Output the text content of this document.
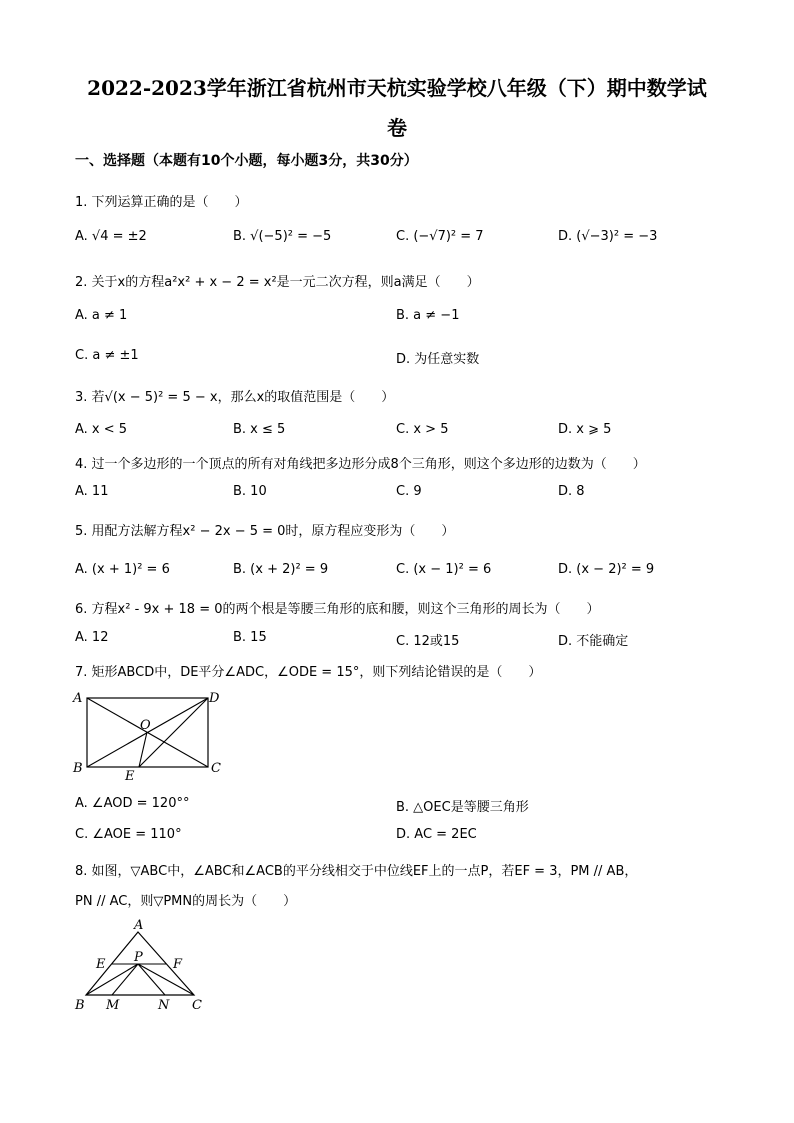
2022-2023学年浙江省杭州市天杭实验学校八年级（下）期中数学试
卷
一、选择题（本题有10个小题，每小题3分，共30分）
1. 下列运算正确的是（　　）
A. √4 = ±2	B. √(−5)² = −5	C. (−√7)² = 7	D. (√−3)² = −3
2. 关于x的方程a²x² + x − 2 = x²是一元二次方程，则a满足（　　）
A. a ≠ 1	B. a ≠ −1
C. a ≠ ±1	D. 为任意实数
3. 若√(x − 5)² = 5 − x，那么x的取值范围是（　　）
A. x < 5	B. x ≤ 5	C. x > 5	D. x ⩾ 5
4. 过一个多边形的一个顶点的所有对角线把多边形分成8个三角形，则这个多边形的边数为（　　）
A. 11	B. 10	C. 9	D. 8
5. 用配方法解方程x² − 2x − 5 = 0时，原方程应变形为（　　）
A. (x + 1)² = 6	B. (x + 2)² = 9	C. (x − 1)² = 6	D. (x − 2)² = 9
6. 方程x² - 9x + 18 = 0的两个根是等腰三角形的底和腰，则这个三角形的周长为（　　）
A. 12	B. 15	C. 12或15	D. 不能确定
7. 矩形ABCD中，DE平分∠ADC，∠ODE = 15°，则下列结论错误的是（　　）
A	D
O
B
E
C
A. ∠AOD = 120°°	B. △OEC是等腰三角形
C. ∠AOE = 110°	D. AC = 2EC
8. 如图，▽ABC中，∠ABC和∠ACB的平分线相交于中位线EF上的一点P，若EF = 3，PM // AB，
PN // AC，则▽PMN的周长为（　　）
A
E P F
B M	N C
